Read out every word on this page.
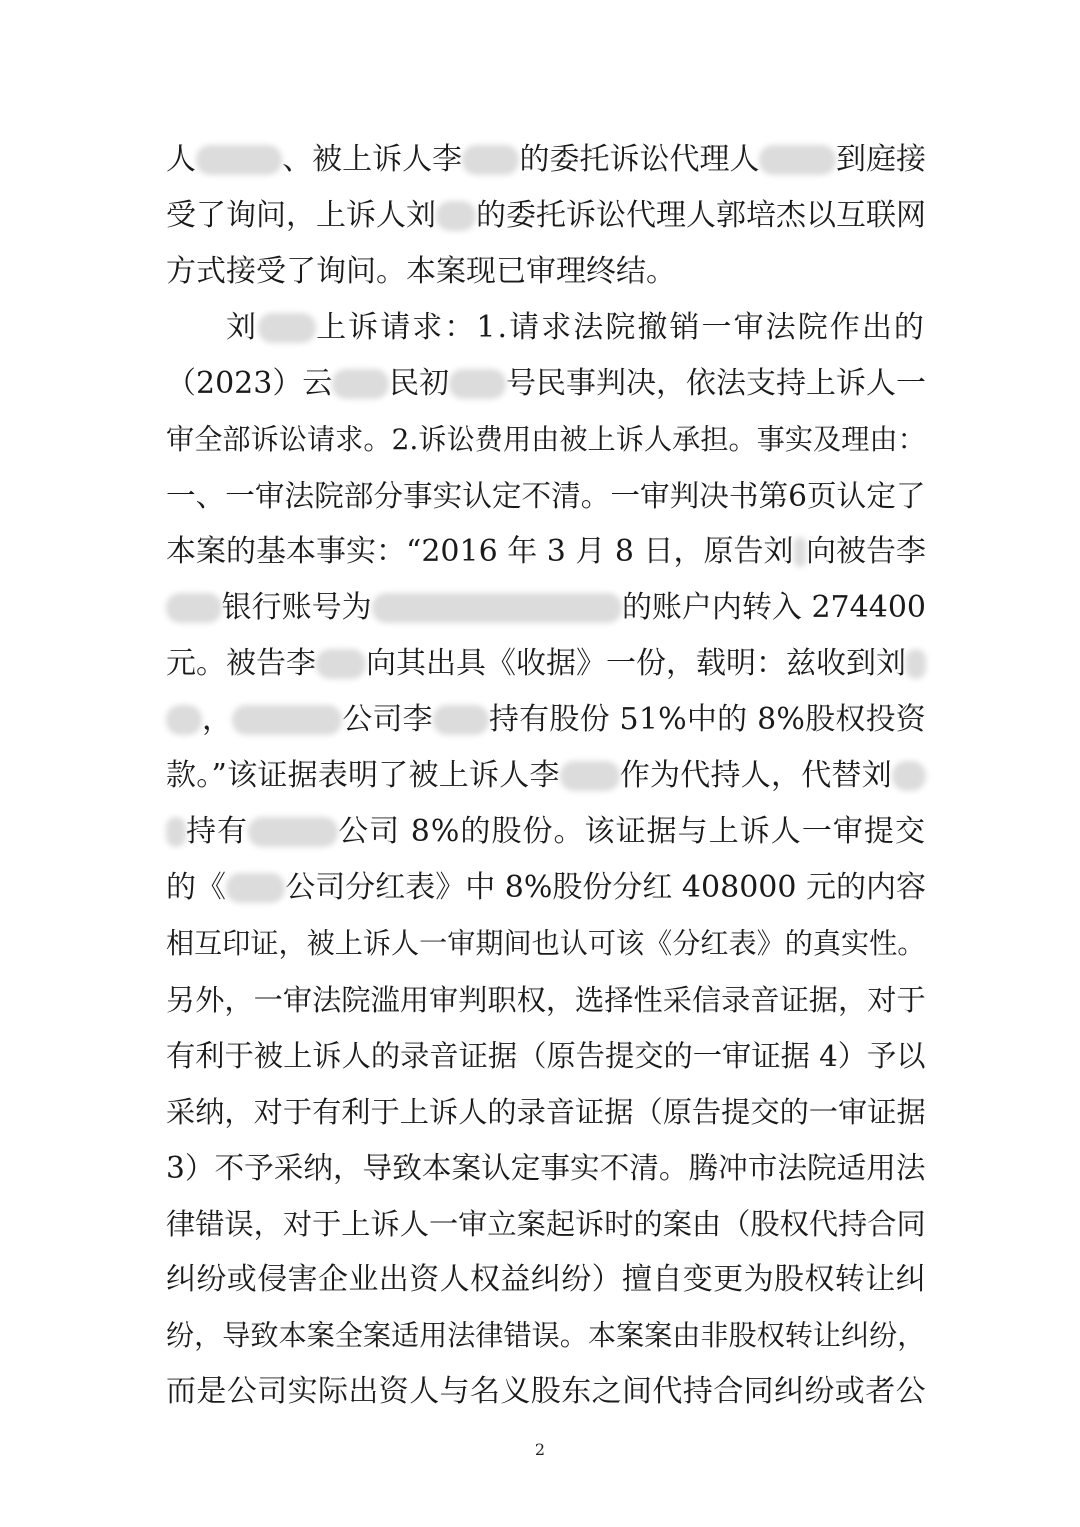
人	、被上诉人李 的委托诉讼代理人	到庭接
受了询问，上诉人刘 的委托诉讼代理人郭培杰以互联网
方式接受了询问。本案现已审理终结。
刘 上诉请求：1.请求法院撤销一审法院作出的
（2023）云 民初 号民事判决，依法支持上诉人一
审全部诉讼请求。2.诉讼费用由被上诉人承担。事实及理由：
一、一审法院部分事实认定不清。一审判决书第6页认定了
本案的基本事实：“2016 年 3 月 8 日，原告刘 向被告李
银行账号为	的账户内转入 274400
元。被告李 向其出具《收据》一份，载明：兹收到刘
，	公司李 持有股份 51%中的 8%股权投资
款。”该证据表明了被上诉人李 作为代持人，代替刘
持有	公司 8%的股份。该证据与上诉人一审提交
的《 公司分红表》中 8%股份分红 408000 元的内容
相互印证，被上诉人一审期间也认可该《分红表》的真实性。
另外，一审法院滥用审判职权，选择性采信录音证据，对于
有利于被上诉人的录音证据（原告提交的一审证据 4）予以
采纳，对于有利于上诉人的录音证据（原告提交的一审证据
3）不予采纳，导致本案认定事实不清。腾冲市法院适用法
律错误，对于上诉人一审立案起诉时的案由（股权代持合同
纠纷或侵害企业出资人权益纠纷）擅自变更为股权转让纠
纷，导致本案全案适用法律错误。本案案由非股权转让纠纷，
而是公司实际出资人与名义股东之间代持合同纠纷或者公
2
